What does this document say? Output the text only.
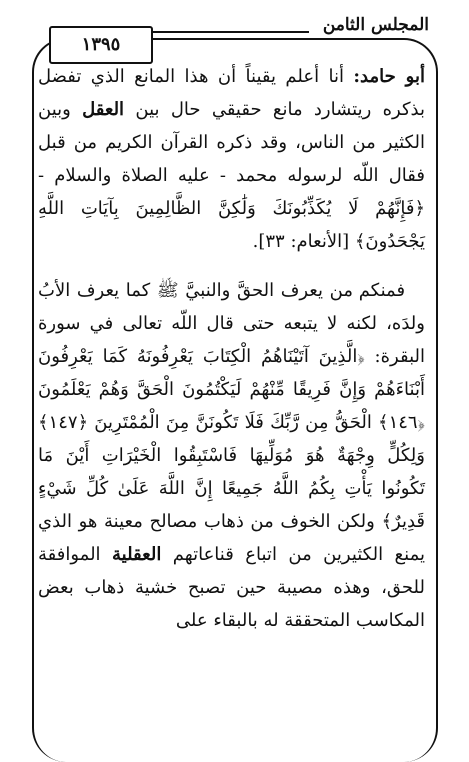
المجلس الثامن
١٣٩٥

أبو حامد: أنا أعلم يقيناً أن هذا المانع الذي تفضل بذكره ريتشارد مانع حقيقي حال بين العقل وبين الكثير من الناس، وقد ذكره القرآن الكريم من قبل فقال اللّه لرسوله محمد - عليه الصلاة والسلام - ﴿فَإِنَّهُمْ لَا يُكَذِّبُونَكَ وَلَٰكِنَّ الظَّالِمِينَ بِآيَاتِ اللَّهِ يَجْحَدُونَ﴾ [الأنعام: ٣٣].

فمنكم من يعرف الحقَّ والنبيَّ ﷺ كما يعرف الأبُ ولدَه، لكنه لا يتبعه حتى قال اللّه تعالى في سورة البقرة: ﴿الَّذِينَ آتَيْنَاهُمُ الْكِتَابَ يَعْرِفُونَهُ كَمَا يَعْرِفُونَ أَبْنَاءَهُمْ وَإِنَّ فَرِيقًا مِّنْهُمْ لَيَكْتُمُونَ الْحَقَّ وَهُمْ يَعْلَمُونَ ﴿١٤٦﴾ الْحَقُّ مِن رَّبِّكَ فَلَا تَكُونَنَّ مِنَ الْمُمْتَرِينَ ﴿١٤٧﴾ وَلِكُلٍّ وِجْهَةٌ هُوَ مُوَلِّيهَا فَاسْتَبِقُوا الْخَيْرَاتِ أَيْنَ مَا تَكُونُوا يَأْتِ بِكُمُ اللَّهُ جَمِيعًا إِنَّ اللَّهَ عَلَىٰ كُلِّ شَيْءٍ قَدِيرٌ﴾ ولكن الخوف من ذهاب مصالح معينة هو الذي يمنع الكثيرين من اتباع قناعاتهم العقلية الموافقة للحق، وهذه مصيبة حين تصبح خشية ذهاب بعض المكاسب المتحققة له بالبقاء على
